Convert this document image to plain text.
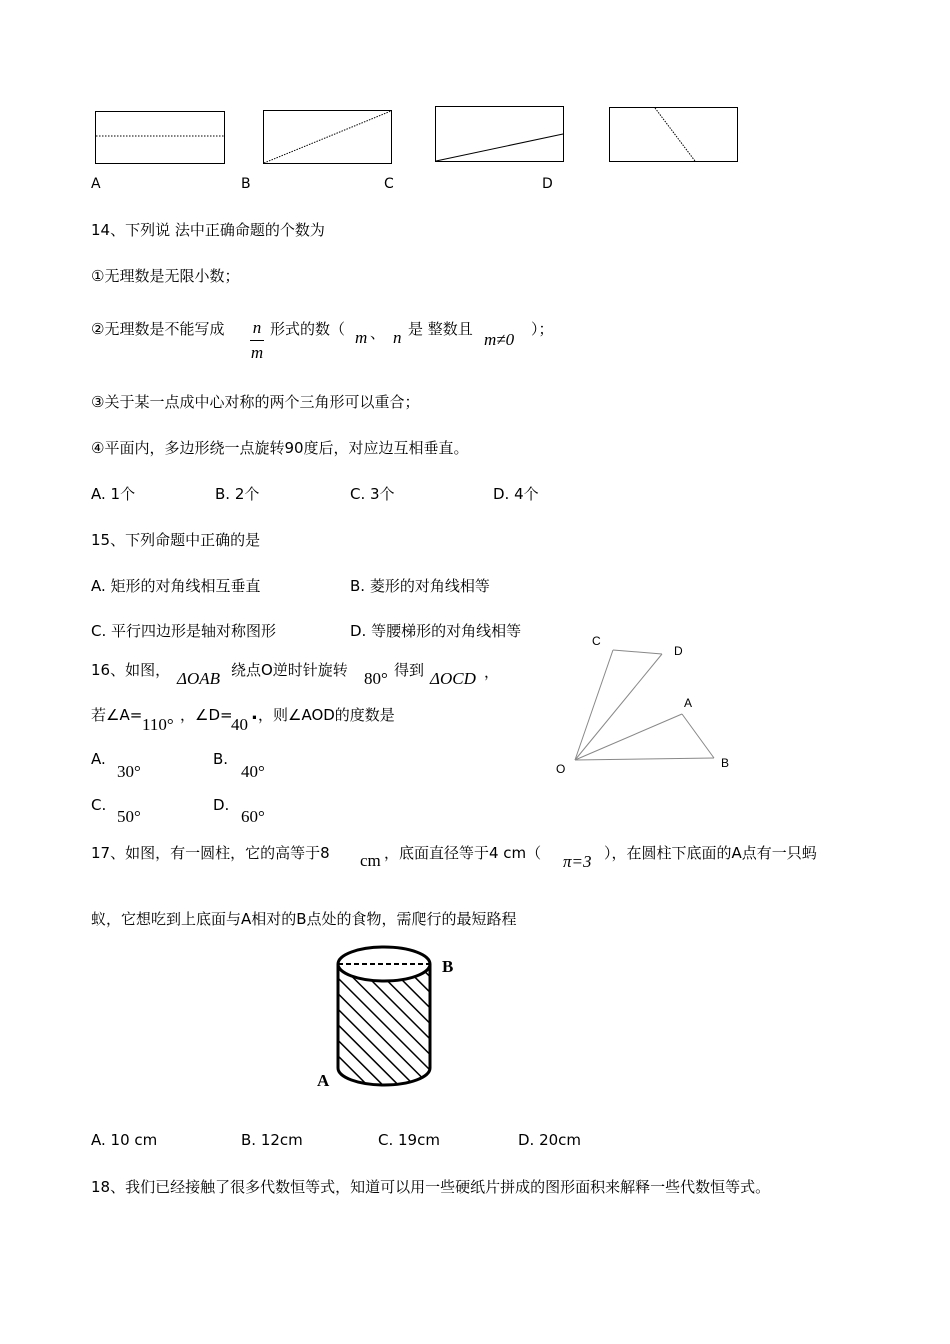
A	B	C	D
14、下列说 法中正确命题的个数为
①无理数是无限小数；
②无理数是不能写成	n
m
形式的数（ m 、 n 是 整数且
m≠0
）；
③关于某一点成中心对称的两个三角形可以重合；
④平面内，多边形绕一点旋转90度后，对应边互相垂直。
A. 1个	B. 2个	C. 3个	D. 4个
15、下列命题中正确的是
A. 矩形的对角线相互垂直	B. 菱形的对角线相等
C. 平行四边形是轴对称图形	D. 等腰梯形的对角线相等
16、如图， ΔOAB 绕点O逆时针旋转 80° 得到 ΔOCD ，
若∠A= 110° ，∠D=
40
. ，则∠AOD的度数是
A.
30°
B.
40°
C.
50°
D.
60°
C
D
A
O	B
17、如图，有一圆柱，它的高等于8 cm ，底面直径等于4 cm（ π=3 ），在圆柱下底面的A点有一只蚂
蚁，它想吃到上底面与A相对的B点处的食物，需爬行的最短路程
B
A
A. 10 cm	B. 12cm	C. 19cm	D. 20cm
18、我们已经接触了很多代数恒等式，知道可以用一些硬纸片拼成的图形面积来解释一些代数恒等式。
